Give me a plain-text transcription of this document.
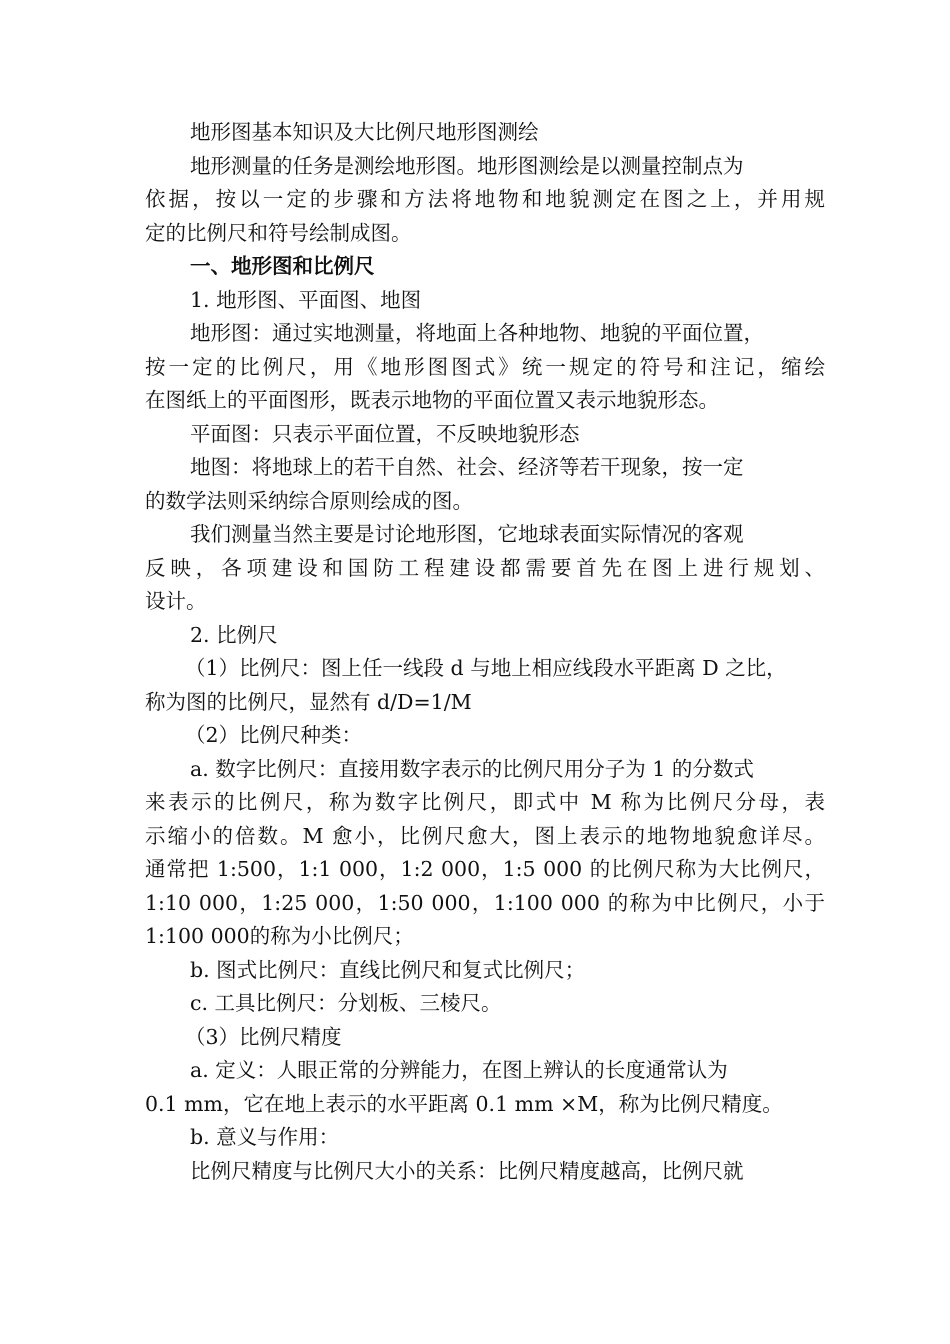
地形图基本知识及大比例尺地形图测绘
地形测量的任务是测绘地形图。地形图测绘是以测量控制点为
依据，按以一定的步骤和方法将地物和地貌测定在图之上，并用规
定的比例尺和符号绘制成图。
一、地形图和比例尺
1. 地形图、平面图、地图
地形图：通过实地测量，将地面上各种地物、地貌的平面位置，
按一定的比例尺，用《地形图图式》统一规定的符号和注记，缩绘
在图纸上的平面图形，既表示地物的平面位置又表示地貌形态。
平面图：只表示平面位置，不反映地貌形态
地图：将地球上的若干自然、社会、经济等若干现象，按一定
的数学法则采纳综合原则绘成的图。
我们测量当然主要是讨论地形图，它地球表面实际情况的客观
反映，各项建设和国防工程建设都需要首先在图上进行规划、
设计。
2. 比例尺
（1）比例尺：图上任一线段 d 与地上相应线段水平距离 D 之比，
称为图的比例尺，显然有 d/D=1/M
（2）比例尺种类：
a. 数字比例尺：直接用数字表示的比例尺用分子为 1 的分数式
来表示的比例尺，称为数字比例尺，即式中 M 称为比例尺分母，表
示缩小的倍数。M 愈小，比例尺愈大，图上表示的地物地貌愈详尽。
通常把 1:500，1:1 000，1:2 000，1:5 000 的比例尺称为大比例尺，
1:10 000，1:25 000，1:50 000，1:100 000 的称为中比例尺，小于
1:100 000的称为小比例尺；
b. 图式比例尺：直线比例尺和复式比例尺；
c. 工具比例尺：分划板、三棱尺。
（3）比例尺精度
a. 定义：人眼正常的分辨能力，在图上辨认的长度通常认为
0.1 mm，它在地上表示的水平距离 0.1 mm ×M，称为比例尺精度。
b. 意义与作用：
比例尺精度与比例尺大小的关系：比例尺精度越高，比例尺就
